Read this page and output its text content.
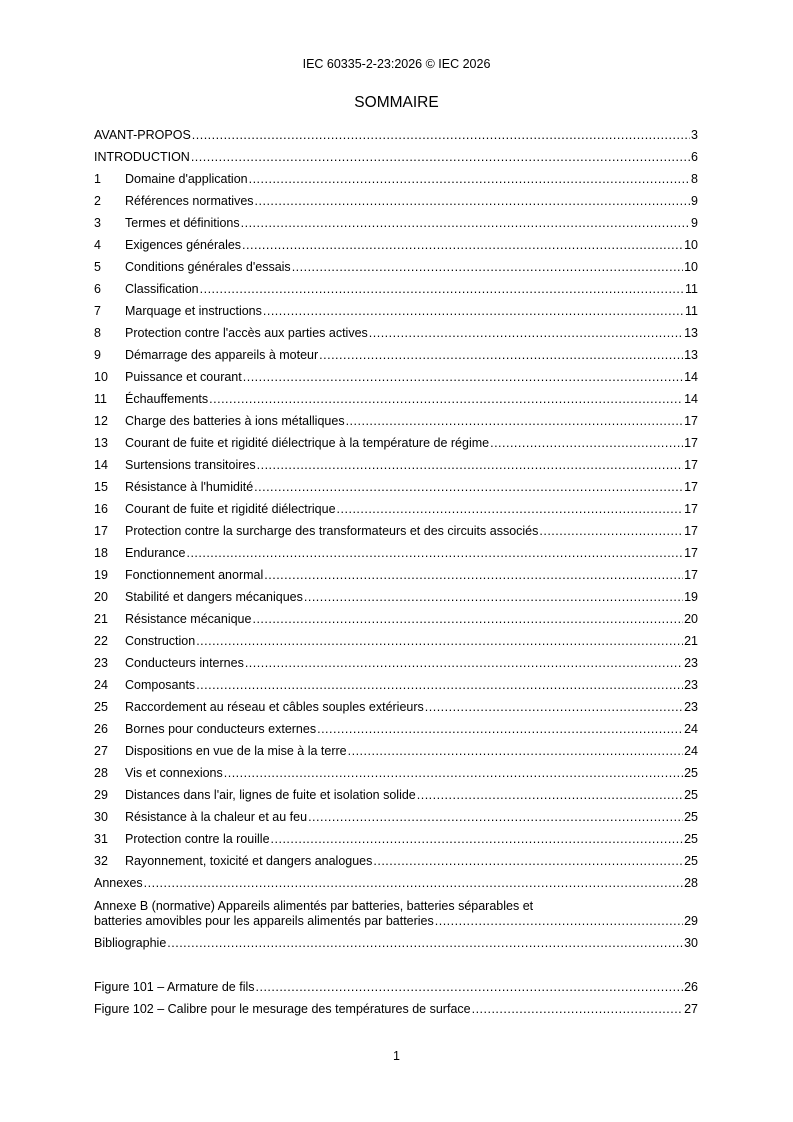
IEC 60335-2-23:2026 © IEC 2026
SOMMAIRE
AVANT-PROPOS .....	3
INTRODUCTION .....	6
1	Domaine d'application .....	8
2	Références normatives .....	9
3	Termes et définitions .....	9
4	Exigences générales .....	10
5	Conditions générales d'essais .....	10
6	Classification .....	11
7	Marquage et instructions .....	11
8	Protection contre l'accès aux parties actives .....	13
9	Démarrage des appareils à moteur .....	13
10	Puissance et courant .....	14
11	Échauffements .....	14
12	Charge des batteries à ions métalliques .....	17
13	Courant de fuite et rigidité diélectrique à la température de régime .....	17
14	Surtensions transitoires .....	17
15	Résistance à l'humidité .....	17
16	Courant de fuite et rigidité diélectrique .....	17
17	Protection contre la surcharge des transformateurs et des circuits associés .....	17
18	Endurance .....	17
19	Fonctionnement anormal .....	17
20	Stabilité et dangers mécaniques .....	19
21	Résistance mécanique .....	20
22	Construction .....	21
23	Conducteurs internes .....	23
24	Composants .....	23
25	Raccordement au réseau et câbles souples extérieurs .....	23
26	Bornes pour conducteurs externes .....	24
27	Dispositions en vue de la mise à la terre .....	24
28	Vis et connexions .....	25
29	Distances dans l'air, lignes de fuite et isolation solide .....	25
30	Résistance à la chaleur et au feu .....	25
31	Protection contre la rouille .....	25
32	Rayonnement, toxicité et dangers analogues .....	25
Annexes .....	28
Annexe B (normative) Appareils alimentés par batteries, batteries séparables et
batteries amovibles pour les appareils alimentés par batteries .....	29
Bibliographie .....	30
Figure 101 – Armature de fils .....	26
Figure 102 – Calibre pour le mesurage des températures de surface .....	27
1
